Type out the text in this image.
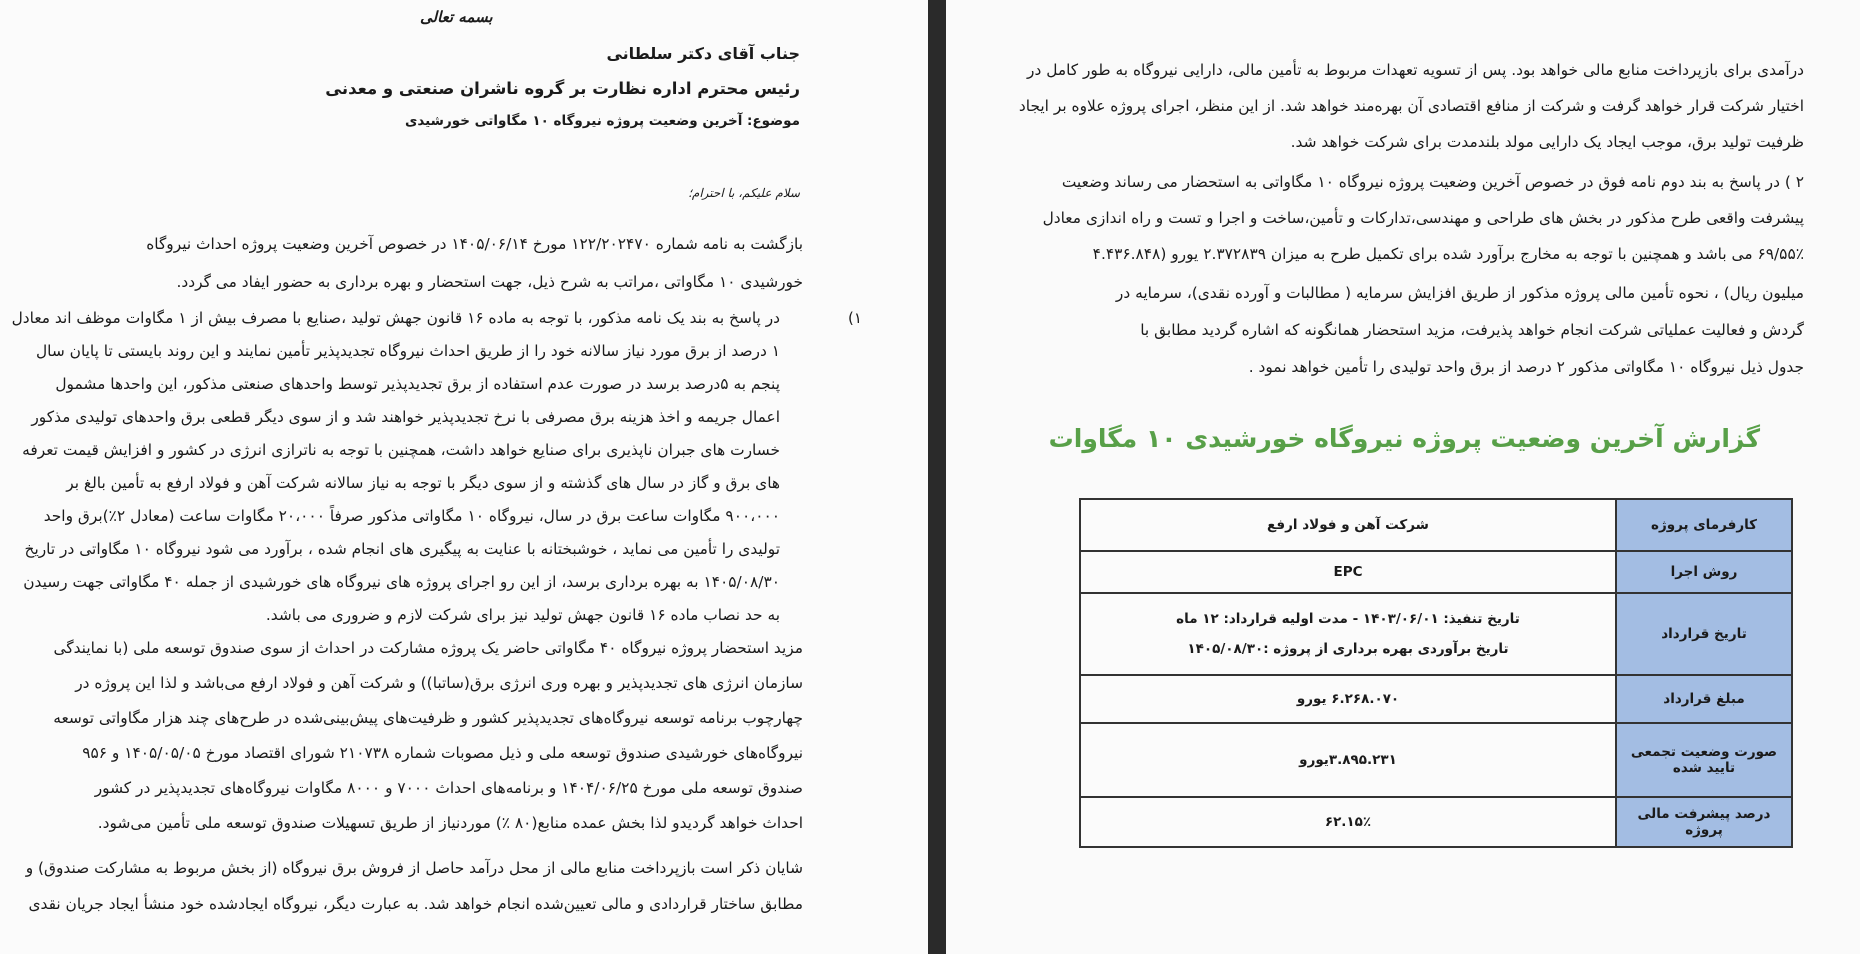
بسمه تعالی
جناب آقای دکتر سلطانی
رئیس محترم اداره نظارت بر گروه ناشران صنعتی و معدنی
موضوع: آخرین وضعیت پروژه نیروگاه ۱۰ مگاواتی خورشیدی
سلام علیکم، با احترام؛
۱)
بازگشت به نامه شماره ۱۲۲/۲۰۲۴۷۰ مورخ ۱۴۰۵/۰۶/۱۴ در خصوص آخرین وضعیت پروژه احداث نیروگاه
خورشیدی ۱۰ مگاواتی ،مراتب به شرح ذیل، جهت استحضار و بهره برداری به حضور ایفاد می گردد.
در پاسخ به بند یک نامه مذکور، با توجه به ماده ۱۶ قانون جهش تولید ،صنایع با مصرف بیش از ۱ مگاوات موظف اند معادل
۱ درصد از برق مورد نیاز سالانه خود را از طریق احداث نیروگاه تجدیدپذیر تأمین نمایند و این روند بایستی تا پایان سال
پنجم به ۵درصد برسد در صورت عدم استفاده از برق تجدیدپذیر توسط واحدهای صنعتی مذکور، این واحدها مشمول
اعمال جریمه و اخذ هزینه برق مصرفی با نرخ تجدیدپذیر خواهند شد و از سوی دیگر قطعی برق واحدهای تولیدی مذکور
خسارت های جبران ناپذیری برای صنایع خواهد داشت، همچنین با توجه به ناترازی انرژی در کشور و افزایش قیمت تعرفه
های برق و گاز در سال های گذشته و از سوی دیگر با توجه به نیاز سالانه شرکت آهن و فولاد ارفع به تأمین بالغ بر
۹۰۰،۰۰۰ مگاوات ساعت برق در سال، نیروگاه ۱۰ مگاواتی مذکور صرفاً ۲۰،۰۰۰ مگاوات ساعت (معادل ۲٪)برق واحد
تولیدی را تأمین می نماید ، خوشبختانه با عنایت به پیگیری های انجام شده ، برآورد می شود نیروگاه ۱۰ مگاواتی در تاریخ
۱۴۰۵/۰۸/۳۰ به بهره برداری برسد، از این رو اجرای پروژه های نیروگاه های خورشیدی از جمله ۴۰ مگاواتی جهت رسیدن
به حد نصاب ماده ۱۶ قانون جهش تولید نیز برای شرکت لازم و ضروری می باشد.
مزید استحضار پروژه نیروگاه ۴۰ مگاواتی حاضر یک پروژه مشارکت در احداث از سوی صندوق توسعه ملی (با نمایندگی
سازمان انرژی های تجدیدپذیر و بهره وری انرژی برق(ساتبا)) و شرکت آهن و فولاد ارفع می‌باشد و لذا این پروژه در
چهارچوب برنامه توسعه نیروگاه‌های تجدیدپذیر کشور و ظرفیت‌های پیش‌بینی‌شده در طرح‌های چند هزار مگاواتی توسعه
نیروگاه‌های خورشیدی صندوق توسعه ملی و ذیل مصوبات شماره ۲۱۰۷۳۸ شورای اقتصاد مورخ ۱۴۰۵/۰۵/۰۵ و ۹۵۶
صندوق توسعه ملی مورخ ۱۴۰۴/۰۶/۲۵ و برنامه‌های احداث ۷۰۰۰ و ۸۰۰۰ مگاوات نیروگاه‌های تجدیدپذیر در کشور
احداث خواهد گردیدو لذا بخش عمده منابع(۸۰ ٪) موردنیاز از طریق تسهیلات صندوق توسعه ملی تأمین می‌شود.
شایان ذکر است بازپرداخت منابع مالی از محل درآمد حاصل از فروش برق نیروگاه (از بخش مربوط به مشارکت صندوق) و
مطابق ساختار قراردادی و مالی تعیین‌شده انجام خواهد شد. به عبارت دیگر، نیروگاه ایجادشده خود منشأ ایجاد جریان نقدی
درآمدی برای بازپرداخت منابع مالی خواهد بود. پس از تسویه تعهدات مربوط به تأمین مالی، دارایی نیروگاه به طور کامل در
اختیار شرکت قرار خواهد گرفت و شرکت از منافع اقتصادی آن بهره‌مند خواهد شد. از این منظر، اجرای پروژه علاوه بر ایجاد
ظرفیت تولید برق، موجب ایجاد یک دارایی مولد بلندمدت برای شرکت خواهد شد.
۲ ) در پاسخ به بند دوم نامه فوق در خصوص آخرین وضعیت پروژه نیروگاه ۱۰ مگاواتی به استحضار می رساند وضعیت
پیشرفت واقعی طرح مذکور در بخش های طراحی و مهندسی،تدارکات و تأمین،ساخت و اجرا و تست و راه اندازی معادل
۶۹/۵۵٪ می باشد و همچنین با توجه به مخارج برآورد شده برای تکمیل طرح به میزان ۲.۳۷۲۸۳۹ یورو (۴.۴۳۶.۸۴۸
میلیون ریال) ، نحوه تأمین مالی پروژه مذکور از طریق افزایش سرمایه ( مطالبات و آورده نقدی)، سرمایه در
گردش و فعالیت عملیاتی شرکت انجام خواهد پذیرفت، مزید استحضار همانگونه که اشاره گردید مطابق با
جدول ذیل نیروگاه ۱۰ مگاواتی مذکور ۲ درصد از برق واحد تولیدی را تأمین خواهد نمود .
گزارش آخرین وضعیت پروژه نیروگاه خورشیدی ۱۰ مگاوات
کارفرمای پروژه	شرکت آهن و فولاد ارفع
روش اجرا	EPC
تاریخ قرارداد	تاریخ تنفیذ: ۱۴۰۳/۰۶/۰۱ - مدت اولیه قرارداد: ۱۲ ماه
تاریخ برآوردی بهره برداری از پروژه :۱۴۰۵/۰۸/۳۰

مبلغ قرارداد	۶.۲۶۸.۰۷۰ یورو
صورت وضعیت تجمعی تایید شده	۳.۸۹۵.۲۳۱یورو
درصد پیشرفت مالی پروژه	۶۲.۱۵٪
